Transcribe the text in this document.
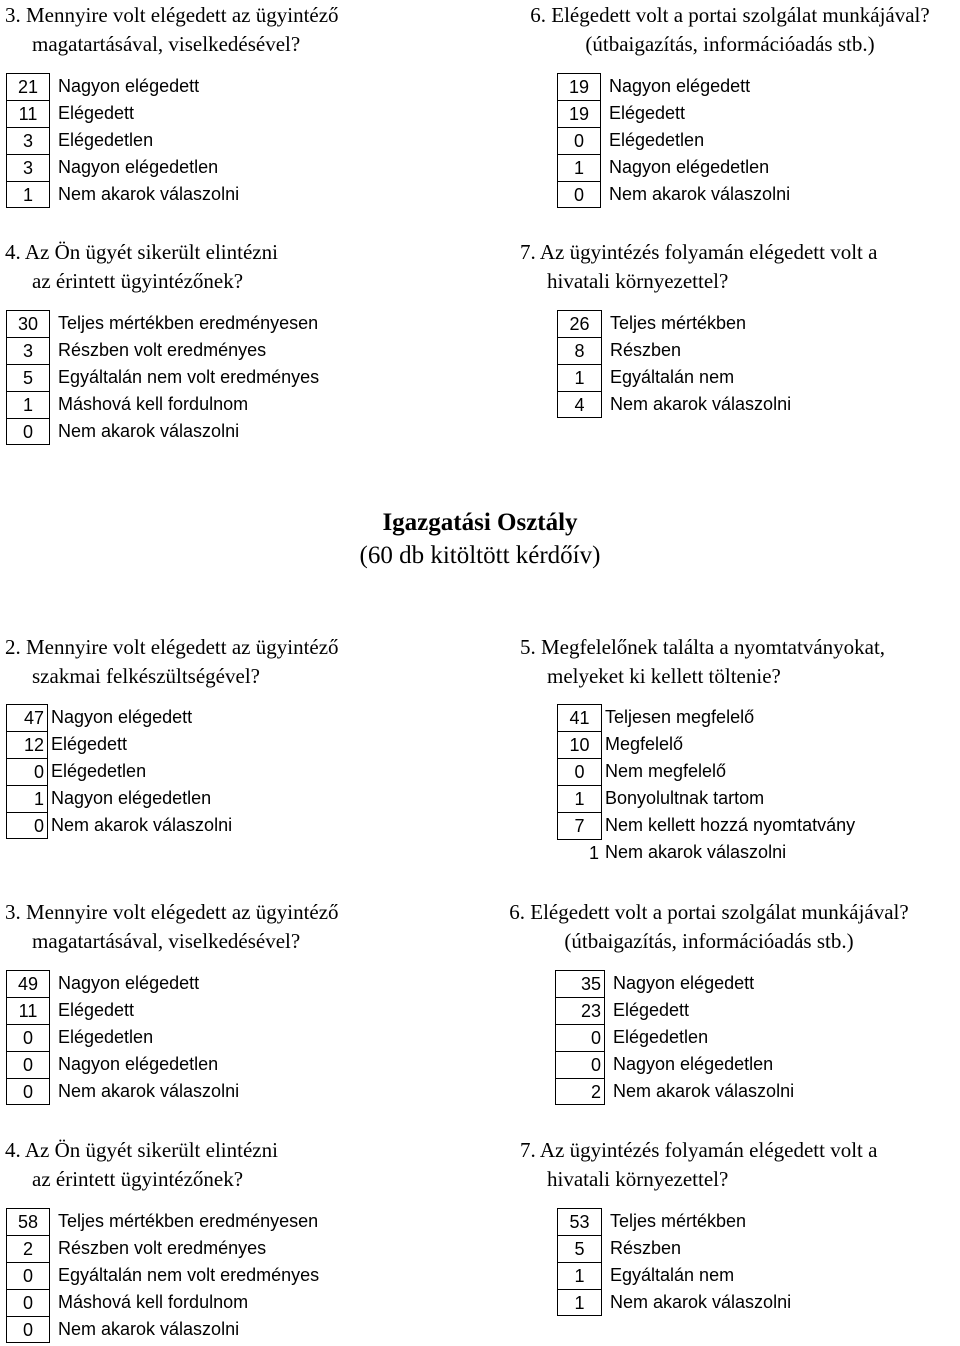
3. Mennyire volt elégedett az ügyintéző
magatartásával, viselkedésével?
21	Nagyon elégedett
11	Elégedett
3	Elégedetlen
3	Nagyon elégedetlen
1	Nem akarok válaszolni
6. Elégedett volt a portai szolgálat munkájával?
(útbaigazítás, információadás stb.)
19	Nagyon elégedett
19	Elégedett
0	Elégedetlen
1	Nagyon elégedetlen
0	Nem akarok válaszolni
4. Az Ön ügyét sikerült elintézni
az érintett ügyintézőnek?
30	Teljes mértékben eredményesen
3	Részben volt eredményes
5	Egyáltalán nem volt eredményes
1	Máshová kell fordulnom
0	Nem akarok válaszolni
7. Az ügyintézés folyamán elégedett volt a
hivatali környezettel?
26	Teljes mértékben
8	Részben
1	Egyáltalán nem
4	Nem akarok válaszolni
Igazgatási Osztály
(60 db kitöltött kérdőív)
2. Mennyire volt elégedett az ügyintéző
szakmai felkészültségével?
47 Nagyon elégedett
12 Elégedett
0 Elégedetlen
1 Nagyon elégedetlen
0 Nem akarok válaszolni
5. Megfelelőnek találta a nyomtatványokat,
melyeket ki kellett töltenie?
41 Teljesen megfelelő
10 Megfelelő
0	Nem megfelelő
1	Bonyolultnak tartom
7	Nem kellett hozzá nyomtatvány
1 Nem akarok válaszolni
3. Mennyire volt elégedett az ügyintéző
magatartásával, viselkedésével?
49	Nagyon elégedett
11	Elégedett
0	Elégedetlen
0	Nagyon elégedetlen
0	Nem akarok válaszolni
6. Elégedett volt a portai szolgálat munkájával?
(útbaigazítás, információadás stb.)
35 Nagyon elégedett
23 Elégedett
0 Elégedetlen
0 Nagyon elégedetlen
2 Nem akarok válaszolni
4. Az Ön ügyét sikerült elintézni
az érintett ügyintézőnek?
58	Teljes mértékben eredményesen
2	Részben volt eredményes
0	Egyáltalán nem volt eredményes
0	Máshová kell fordulnom
0	Nem akarok válaszolni
7. Az ügyintézés folyamán elégedett volt a
hivatali környezettel?
53	Teljes mértékben
5	Részben
1	Egyáltalán nem
1	Nem akarok válaszolni
